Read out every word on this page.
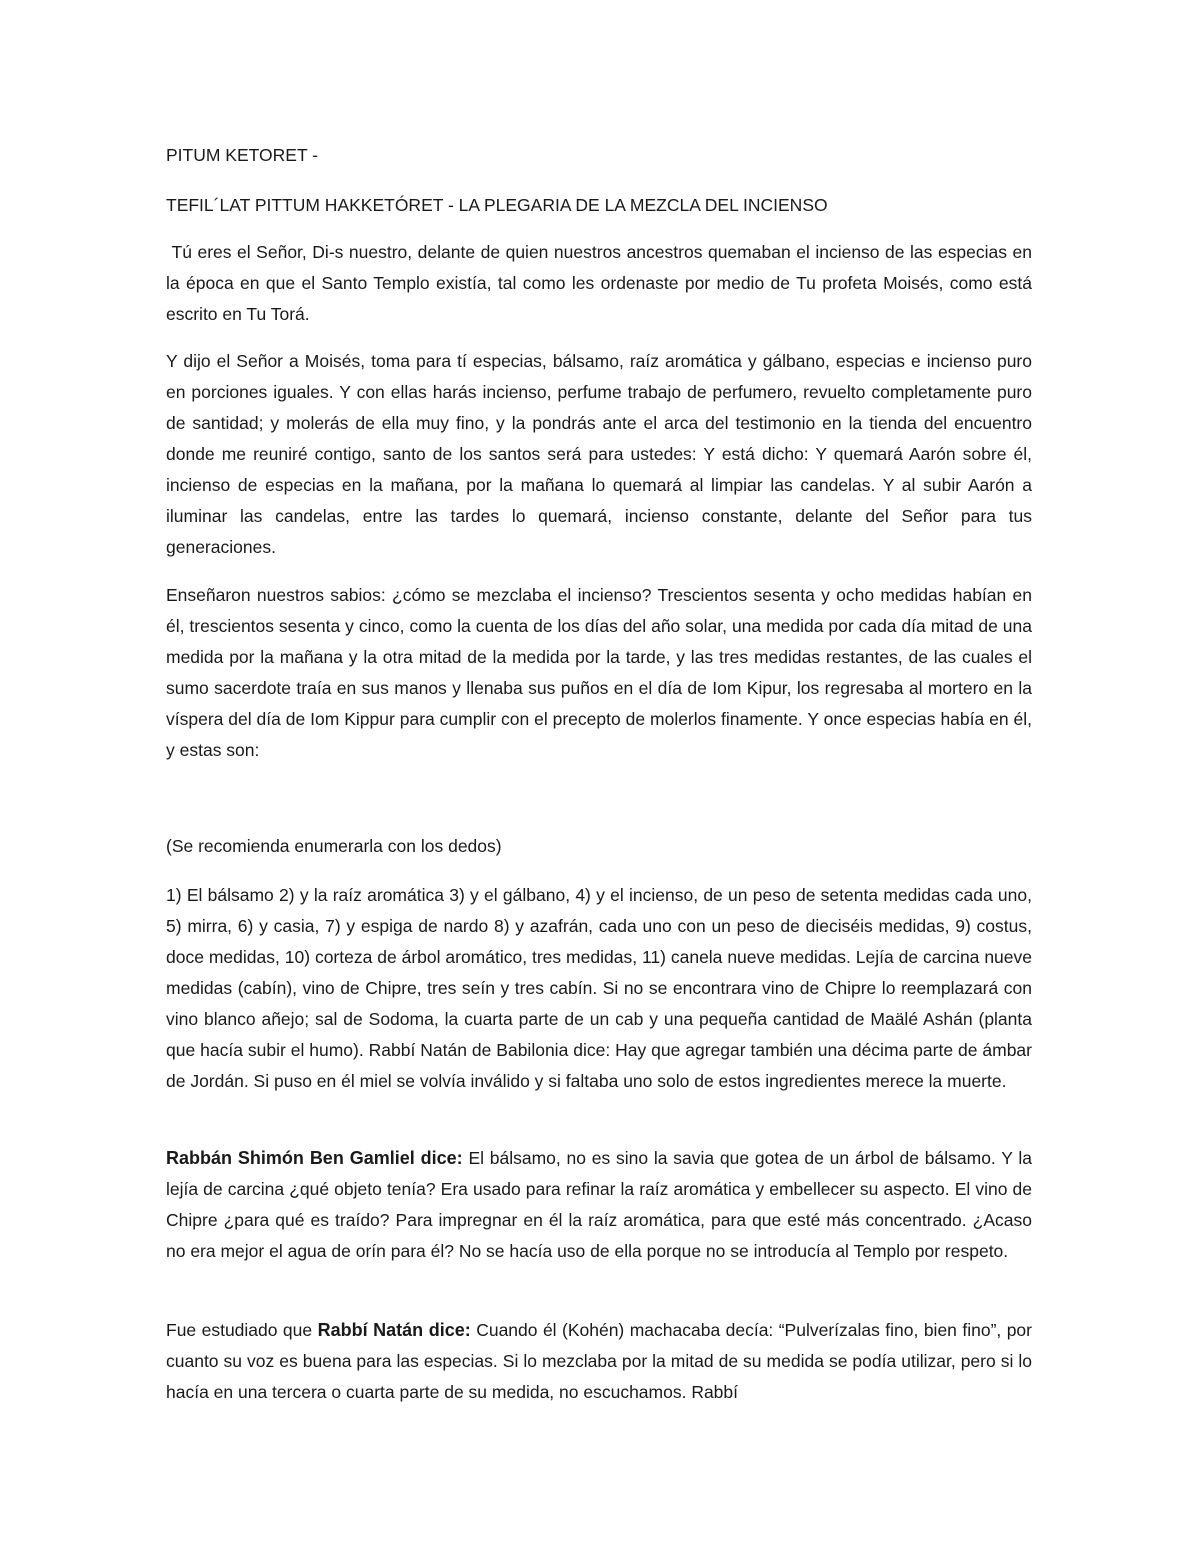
PITUM KETORET -
TEFIL´LAT PITTUM HAKKETÓRET - LA PLEGARIA DE LA MEZCLA DEL INCIENSO

Tú eres el Señor, Di-s nuestro, delante de quien nuestros ancestros quemaban el incienso de las especias en la época en que el Santo Templo existía, tal como les ordenaste por medio de Tu profeta Moisés, como está escrito en Tu Torá.

Y dijo el Señor a Moisés, toma para tí especias, bálsamo, raíz aromática y gálbano, especias e incienso puro en porciones iguales. Y con ellas harás incienso, perfume trabajo de perfumero, revuelto completamente puro de santidad; y molerás de ella muy fino, y la pondrás ante el arca del testimonio en la tienda del encuentro donde me reuniré contigo, santo de los santos será para ustedes: Y está dicho: Y quemará Aarón sobre él, incienso de especias en la mañana, por la mañana lo quemará al limpiar las candelas. Y al subir Aarón a iluminar las candelas, entre las tardes lo quemará, incienso constante, delante del Señor para tus generaciones.

Enseñaron nuestros sabios: ¿cómo se mezclaba el incienso? Trescientos sesenta y ocho medidas habían en él, trescientos sesenta y cinco, como la cuenta de los días del año solar, una medida por cada día mitad de una medida por la mañana y la otra mitad de la medida por la tarde, y las tres medidas restantes, de las cuales el sumo sacerdote traía en sus manos y llenaba sus puños en el día de Iom Kipur, los regresaba al mortero en la víspera del día de Iom Kippur para cumplir con el precepto de molerlos finamente. Y once especias había en él, y estas son:

(Se recomienda enumerarla con los dedos)

1) El bálsamo 2) y la raíz aromática 3) y el gálbano, 4) y el incienso, de un peso de setenta medidas cada uno, 5) mirra, 6) y casia, 7) y espiga de nardo 8) y azafrán, cada uno con un peso de dieciséis medidas, 9) costus, doce medidas, 10) corteza de árbol aromático, tres medidas, 11) canela nueve medidas. Lejía de carcina nueve medidas (cabín), vino de Chipre, tres seín y tres cabín. Si no se encontrara vino de Chipre lo reemplazará con vino blanco añejo; sal de Sodoma, la cuarta parte de un cab y una pequeña cantidad de Maälé Ashán (planta que hacía subir el humo). Rabbí Natán de Babilonia dice: Hay que agregar también una décima parte de ámbar de Jordán. Si puso en él miel se volvía inválido y si faltaba uno solo de estos ingredientes merece la muerte.

Rabbán Shimón Ben Gamliel dice: El bálsamo, no es sino la savia que gotea de un árbol de bálsamo. Y la lejía de carcina ¿qué objeto tenía? Era usado para refinar la raíz aromática y embellecer su aspecto. El vino de Chipre ¿para qué es traído? Para impregnar en él la raíz aromática, para que esté más concentrado. ¿Acaso no era mejor el agua de orín para él? No se hacía uso de ella porque no se introducía al Templo por respeto.

Fue estudiado que Rabbí Natán dice: Cuando él (Kohén) machacaba decía: “Pulverízalas fino, bien fino”, por cuanto su voz es buena para las especias. Si lo mezclaba por la mitad de su medida se podía utilizar, pero si lo hacía en una tercera o cuarta parte de su medida, no escuchamos. Rabbí
